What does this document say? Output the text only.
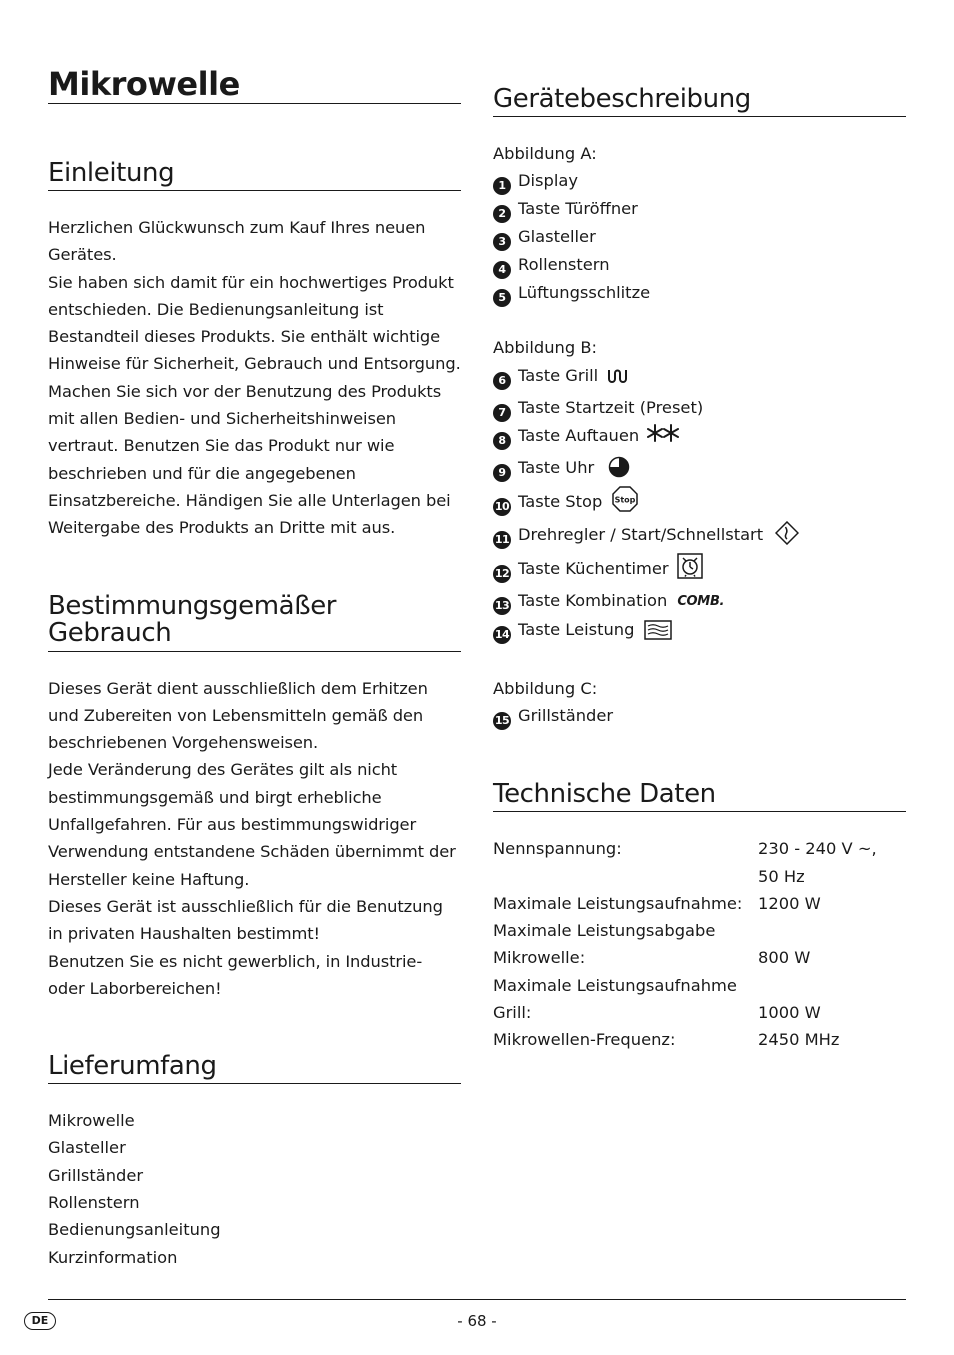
Mikrowelle
Einleitung

Herzlichen Glückwunsch zum Kauf Ihres neuen Gerätes.

Sie haben sich damit für ein hochwertiges Produkt entschieden. Die Bedienungsanleitung ist Bestandteil dieses Produkts. Sie enthält wichtige Hinweise für Sicherheit, Gebrauch und Entsorgung. Machen Sie sich vor der Benutzung des Produkts mit allen Bedien- und Sicherheitshinweisen vertraut. Benutzen Sie das Produkt nur wie beschrieben und für die angegebenen Einsatzbereiche. Händigen Sie alle Unterlagen bei Weitergabe des Produkts an Dritte mit aus.

Bestimmungsgemäßer
Gebrauch

Dieses Gerät dient ausschließlich dem Erhitzen und Zubereiten von Lebensmitteln gemäß den beschriebenen Vorgehensweisen.

Jede Veränderung des Gerätes gilt als nicht bestimmungsgemäß und birgt erhebliche Unfallgefahren. Für aus bestimmungswidriger Verwendung entstandene Schäden übernimmt der Hersteller keine Haftung.

Dieses Gerät ist ausschließlich für die Benutzung in privaten Haushalten bestimmt!

Benutzen Sie es nicht gewerblich, in Industrie- oder Laborbereichen!

Lieferumfang
Mikrowelle
Glasteller
Grillständer
Rollenstern
Bedienungsanleitung
Kurzinformation
Gerätebeschreibung
Abbildung A:
1 Display
2 Taste Türöffner
3 Glasteller
4 Rollenstern
5 Lüftungsschlitze
Abbildung B:
6 Taste Grill
7 Taste Startzeit (Preset)
8 Taste Auftauen
9 Taste Uhr
10 Taste Stop Stop
11 Drehregler / Start/Schnellstart
12 Taste Küchentimer
13 Taste Kombination COMB.
14 Taste Leistung
Abbildung C:
15 Grillständer
Technische Daten
Nennspannung:	230 - 240 V ~,
	50 Hz
Maximale Leistungsaufnahme:	1200 W
Maximale Leistungsabgabe	
Mikrowelle:	800 W
Maximale Leistungsaufnahme	
Grill:	1000 W
Mikrowellen-Frequenz:	2450 MHz
DE	- 68 -
